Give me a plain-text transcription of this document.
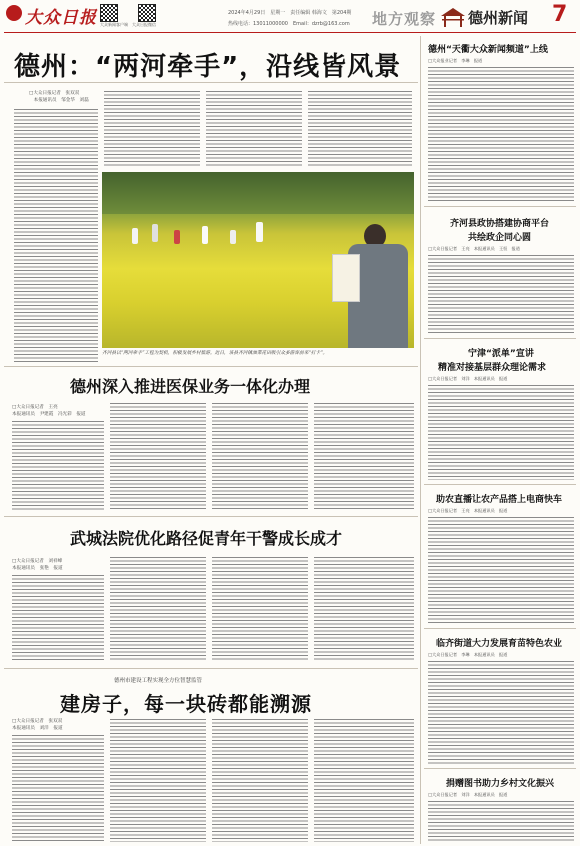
大众日报 大众新闻客户端 大众日报微信
2024年4月29日　星期一　责任编辑 韩海文　第204期
热线电话：13011000000　Email：dzrb@163.com 地方观察 德州新闻 7
德州：“两河牵手”，沿线皆风景
□大众日报记者　张双双
　本报通讯员　邹金华　刘磊
齐河县以“两河牵手”工程为契机，积极发展乡村旅游。近日，该县齐河镇油菜花田吸引众多游客前来“打卡”。
德州深入推进医保业务一体化办理
□大众日报记者　王亮
本报通讯员　尹建霞　冯光彩　报道
武城法院优化路径促青年干警成长成才
□大众日报记者　刘祥峰
本报通讯员　张艳　报道
德州市建设工程实现全方位智慧监管
建房子，每一块砖都能溯源
□大众日报记者　张双双
本报通讯员　刘洋　报道
德州“天衢大众新闻频道”上线
□大众报业记者　李琳　报道
齐河县政协搭建协商平台
共绘政企同心圆
□大众日报记者　王亮　本报通讯员　王恒　报道
宁津“派单”宣讲
精准对接基层群众理论需求
□大众日报记者　刘洋　本报通讯员　报道
助农直播让农产品搭上电商快车
□大众日报记者　王亮　本报通讯员　报道
临齐街道大力发展育苗特色农业
□大众日报记者　李琳　本报通讯员　报道
捐赠图书助力乡村文化振兴
□大众日报记者　刘洋　本报通讯员　报道
